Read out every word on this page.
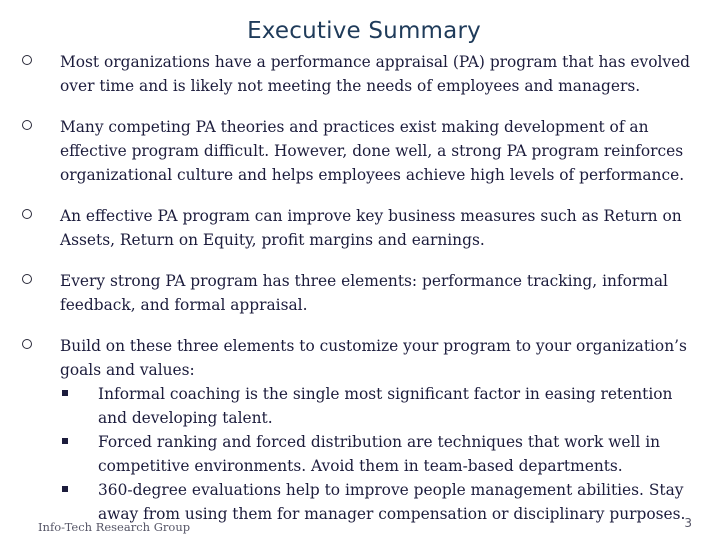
Executive Summary
Most organizations have a performance appraisal (PA) program that has evolved over time and is likely not meeting the needs of employees and managers.
Many competing PA theories and practices exist making development of an effective program difficult. However, done well, a strong PA program reinforces organizational culture and helps employees achieve high levels of performance.
An effective PA program can improve key business measures such as Return on Assets, Return on Equity, profit margins and earnings.
Every strong PA program has three elements: performance tracking, informal feedback, and formal appraisal.
Build on these three elements to customize your program to your organization’s goals and values:
Informal coaching is the single most significant factor in easing retention and developing talent.
Forced ranking and forced distribution are techniques that work well in competitive environments. Avoid them in team-based departments.
360-degree evaluations help to improve people management abilities. Stay away from using them for manager compensation or disciplinary purposes.
Info-Tech Research Group	3
